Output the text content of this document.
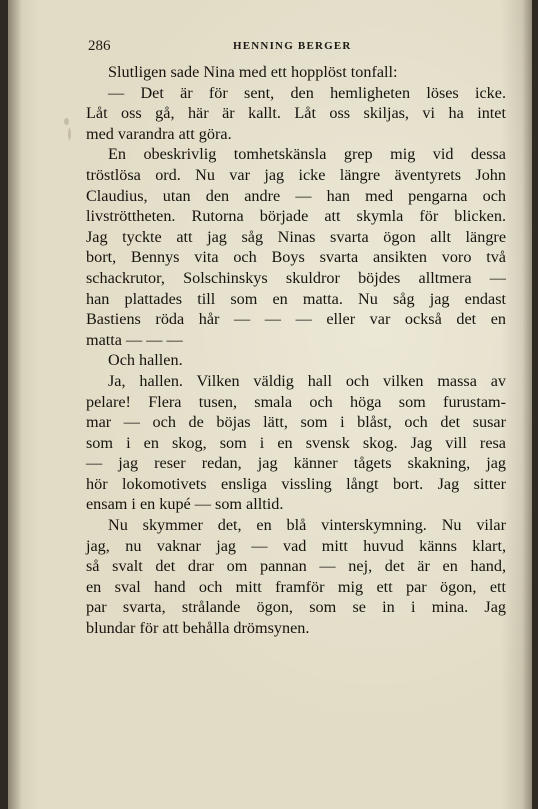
286	HENNING BERGER
Slutligen sade Nina med ett hopplöst tonfall:
— Det är för sent, den hemligheten löses icke.
Låt oss gå, här är kallt. Låt oss skiljas, vi ha intet
med varandra att göra.
En obeskrivlig tomhetskänsla grep mig vid dessa
tröstlösa ord. Nu var jag icke längre äventyrets John
Claudius, utan den andre — han med pengarna och
livströttheten. Rutorna började att skymla för blicken.
Jag tyckte att jag såg Ninas svarta ögon allt längre
bort, Bennys vita och Boys svarta ansikten voro två
schackrutor, Solschinskys skuldror böjdes alltmera —
han plattades till som en matta. Nu såg jag endast
Bastiens röda hår — — — eller var också det en
matta — — —
Och hallen.
Ja, hallen. Vilken väldig hall och vilken massa av
pelare! Flera tusen, smala och höga som furustam-
mar — och de böjas lätt, som i blåst, och det susar
som i en skog, som i en svensk skog. Jag vill resa
— jag reser redan, jag känner tågets skakning, jag
hör lokomotivets ensliga vissling långt bort. Jag sitter
ensam i en kupé — som alltid.
Nu skymmer det, en blå vinterskymning. Nu vilar
jag, nu vaknar jag — vad mitt huvud känns klart,
så svalt det drar om pannan — nej, det är en hand,
en sval hand och mitt framför mig ett par ögon, ett
par svarta, strålande ögon, som se in i mina. Jag
blundar för att behålla drömsynen.
